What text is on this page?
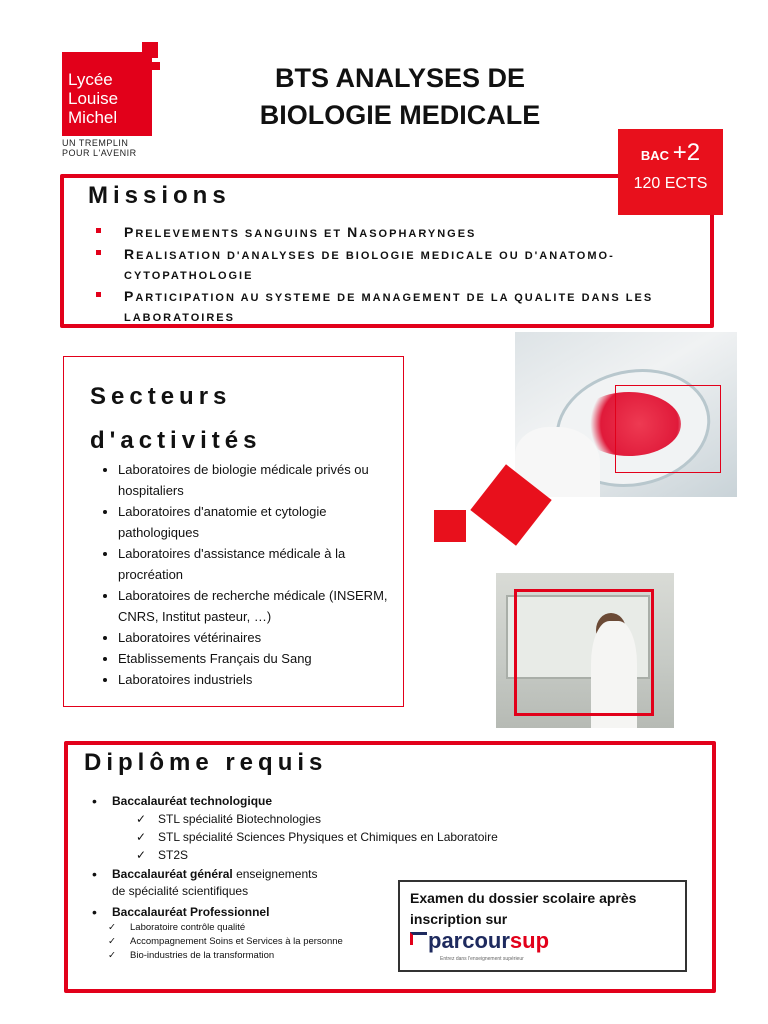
Lycée
Louise
Michel
UN TREMPLIN
POUR L'AVENIR
BTS ANALYSES DE
BIOLOGIE MEDICALE
Missions
PRELEVEMENTS SANGUINS ET NASOPHARYNGES
REALISATION D'ANALYSES DE BIOLOGIE MEDICALE OU D'ANATOMO-CYTOPATHOLOGIE
PARTICIPATION AU SYSTEME DE MANAGEMENT DE LA QUALITE DANS LES LABORATOIRES
BAC +2
120 ECTS
Secteurs
d'activités
• Laboratoires de biologie médicale privés ou hospitaliers
• Laboratoires d'anatomie et cytologie pathologiques
• Laboratoires d'assistance médicale à la procréation
• Laboratoires de recherche médicale (INSERM, CNRS, Institut pasteur, …)
• Laboratoires vétérinaires
• Etablissements Français du Sang
• Laboratoires industriels
Diplôme requis
• Baccalauréat technologique
✓ STL spécialité Biotechnologies
✓ STL spécialité Sciences Physiques et Chimiques en Laboratoire
✓ ST2S
• Baccalauréat général enseignements
de spécialité scientifiques
• Baccalauréat Professionnel
✓ Laboratoire contrôle qualité
✓ Accompagnement Soins et Services à la personne
✓ Bio-industries de la transformation
Examen du dossier scolaire après
inscription sur
parcoursup
Entrez dans l'enseignement supérieur
